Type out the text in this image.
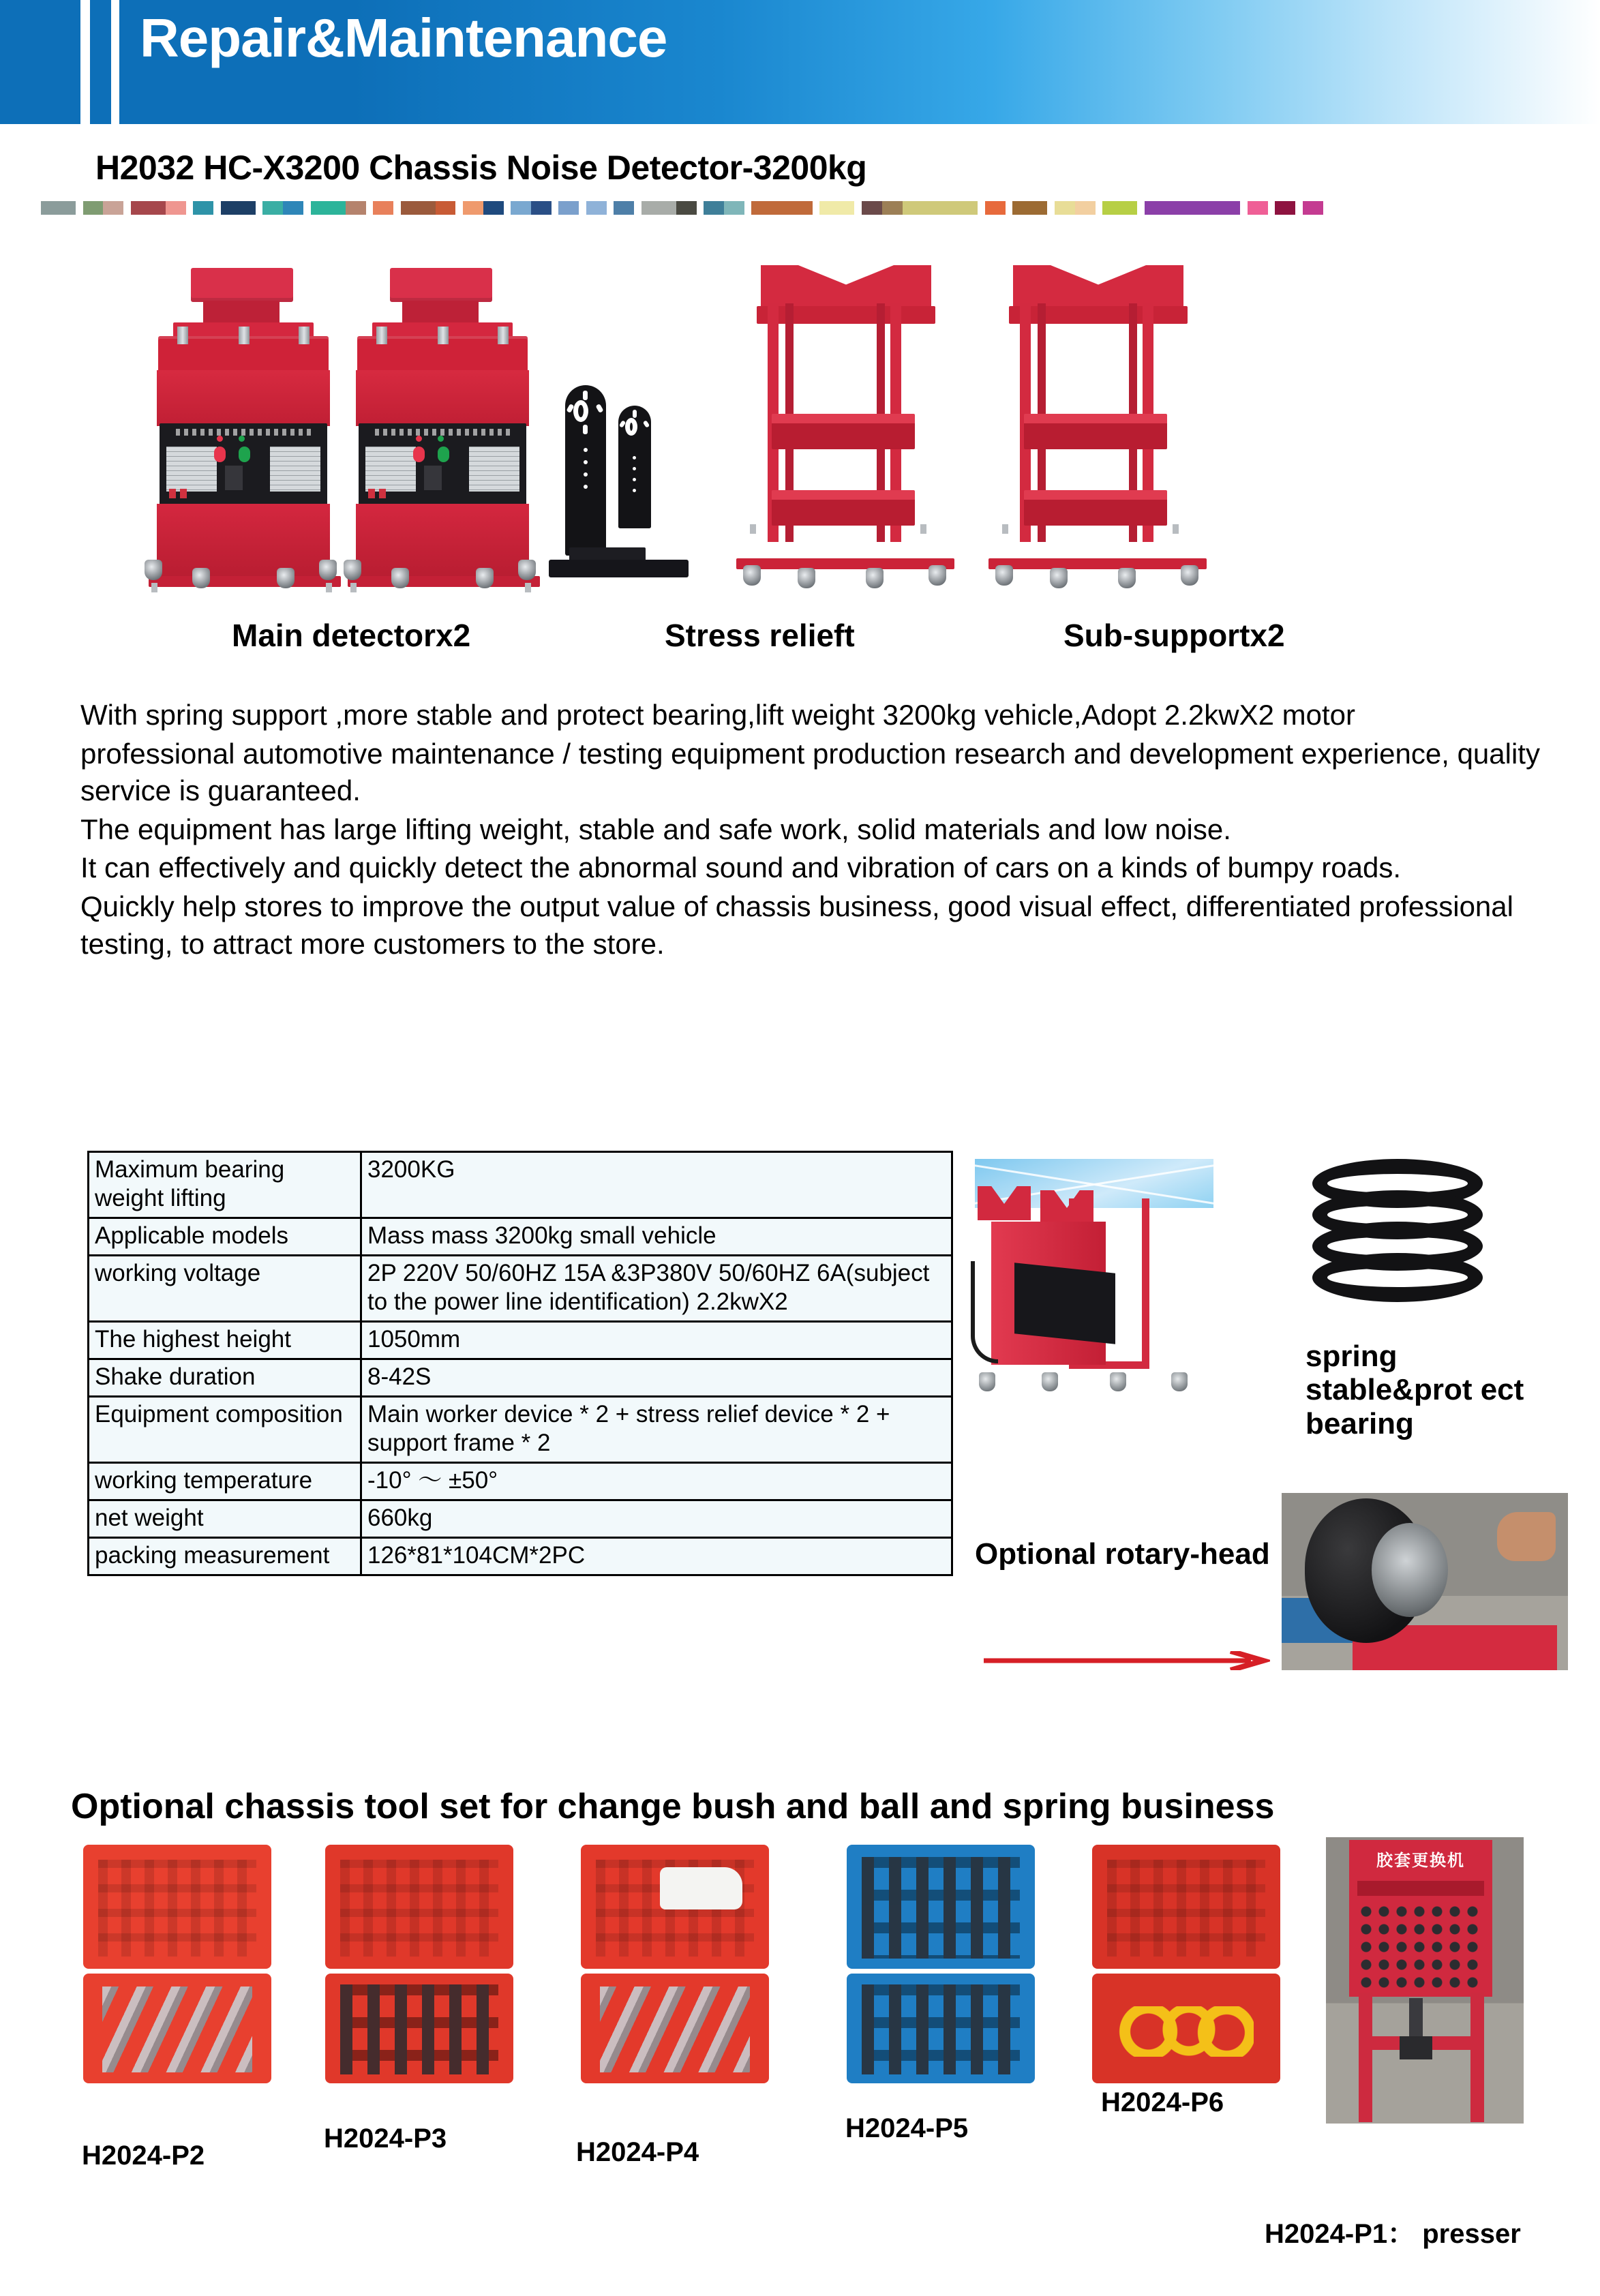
Repair&Maintenance
H2032 HC-X3200 Chassis Noise Detector-3200kg
Main detectorx2	Stress relieft	Sub-supportx2

With spring support ,more stable and protect bearing,lift weight 3200kg vehicle,Adopt 2.2kwX2 motor

professional automotive maintenance / testing equipment production research and development experience, quality service is guaranteed.

The equipment has large lifting weight, stable and safe work, solid materials and low noise.

It can effectively and quickly detect the abnormal sound and vibration of cars on a kinds of bumpy roads.

Quickly help stores to improve the output value of chassis business, good visual effect, differentiated professional testing, to attract more customers to the store.

Maximum bearing weight lifting	3200KG
Applicable models	Mass mass 3200kg small vehicle
working voltage	2P 220V 50/60HZ 15A &3P380V 50/60HZ 6A(subject to the power line identification) 2.2kwX2
The highest height	1050mm
Shake duration	8-42S
Equipment composition	Main worker device * 2 + stress relief device * 2 + support frame * 2
working temperature	-10° ～ ±50°
net weight	660kg
packing measurement	126*81*104CM*2PC
spring stable&prot ect bearing
Optional rotary-head
Optional chassis tool set for change bush and ball and spring business
胶套更换机
H2024-P2
H2024-P3	H2024-P4
H2024-P5
H2024-P6
H2024-P1： presser
